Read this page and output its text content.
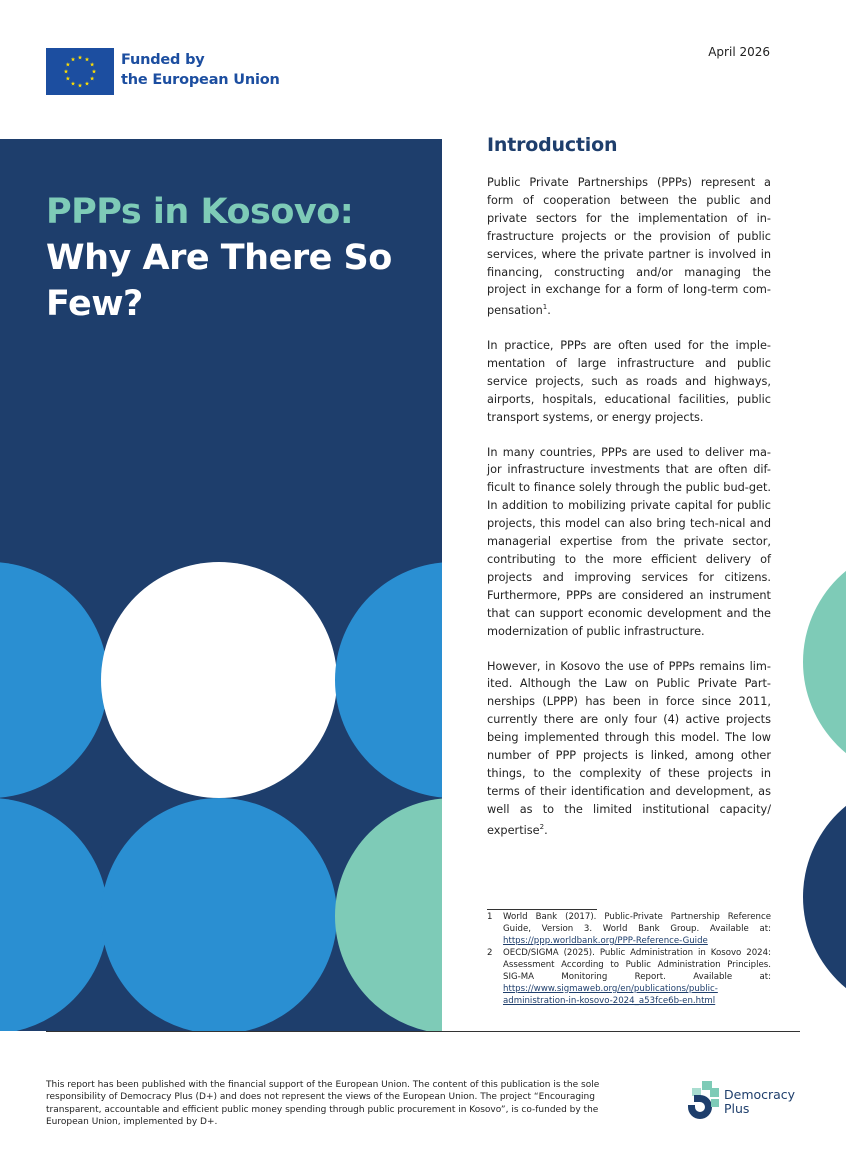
Funded by
the European Union
April 2026
PPPs in Kosovo:
Why Are There So Few?
Introduction

Public Private Partnerships (PPPs) represent a form of cooperation between the public and private sectors for the implementation of in-frastructure projects or the provision of public services, where the private partner is involved in financing, constructing and/or managing the project in exchange for a form of long-term com-pensation$^1$.

In practice, PPPs are often used for the imple-mentation of large infrastructure and public service projects, such as roads and highways, airports, hospitals, educational facilities, public transport systems, or energy projects.

In many countries, PPPs are used to deliver ma-jor infrastructure investments that are often dif-ficult to finance solely through the public bud-get. In addition to mobilizing private capital for public projects, this model can also bring tech-nical and managerial expertise from the private sector, contributing to the more efficient delivery of projects and improving services for citizens. Furthermore, PPPs are considered an instrument that can support economic development and the modernization of public infrastructure.

However, in Kosovo the use of PPPs remains lim-ited. Although the Law on Public Private Part-nerships (LPPP) has been in force since 2011, currently there are only four (4) active projects being implemented through this model. The low number of PPP projects is linked, among other things, to the complexity of these projects in terms of their identification and development, as well as to the limited institutional capacity/ expertise$^2$.

1	World Bank (2017). Public-Private Partnership Reference Guide, Version 3. World Bank Group. Available at: https://ppp.worldbank.org/PPP-Reference-Guide
2	OECD/SIGMA (2025). Public Administration in Kosovo 2024: Assessment According to Public Administration Principles. SIG-MA Monitoring Report. Available at: https://www.sigmaweb.org/en/publications/public-administration-in-kosovo-2024_a53fce6b-en.html
This report has been published with the financial support of the European Union. The content of this publication is the sole responsibility of Democracy Plus (D+) and does not represent the views of the European Union. The project “Encouraging transparent, accountable and efficient public money spending through public procurement in Kosovo”, is co-funded by the European Union, implemented by D+.
Democracy
Plus
